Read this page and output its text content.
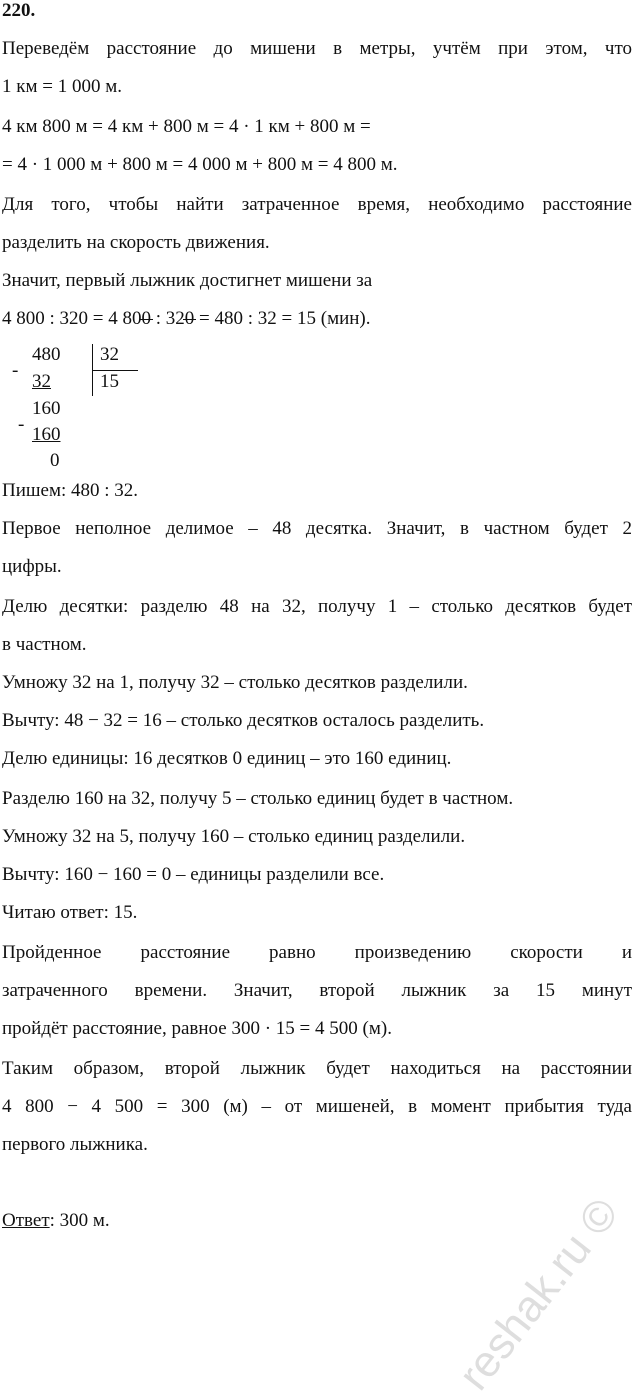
220.
Переведём расстояние до мишени в метры, учтём при этом, что
1 км = 1 000 м.
4 км 800 м = 4 км + 800 м = 4 · 1 км + 800 м =
= 4 · 1 000 м + 800 м = 4 000 м + 800 м = 4 800 м.
Для того, чтобы найти затраченное время, необходимо расстояние
разделить на скорость движения.
Значит, первый лыжник достигнет мишени за
4 800 : 320 = 4 800 : 320 = 480 : 32 = 15 (мин).
-
480 32
32	15
160
- 160
0
Пишем: 480 : 32.
Первое неполное делимое – 48 десятка. Значит, в частном будет 2
цифры.
Делю десятки: разделю 48 на 32, получу 1 – столько десятков будет
в частном.
Умножу 32 на 1, получу 32 – столько десятков разделили.
Вычту: 48 − 32 = 16 – столько десятков осталось разделить.
Делю единицы: 16 десятков 0 единиц – это 160 единиц.
Разделю 160 на 32, получу 5 – столько единиц будет в частном.
Умножу 32 на 5, получу 160 – столько единиц разделили.
Вычту: 160 − 160 = 0 – единицы разделили все.
Читаю ответ: 15.
Пройденное расстояние равно произведению скорости и
затраченного времени. Значит, второй лыжник за 15 минут
пройдёт расстояние, равное 300 · 15 = 4 500 (м).
Таким образом, второй лыжник будет находиться на расстоянии
4 800 − 4 500 = 300 (м) – от мишеней, в момент прибытия туда
первого лыжника.
Ответ: 300 м.	reshak.ru ©
